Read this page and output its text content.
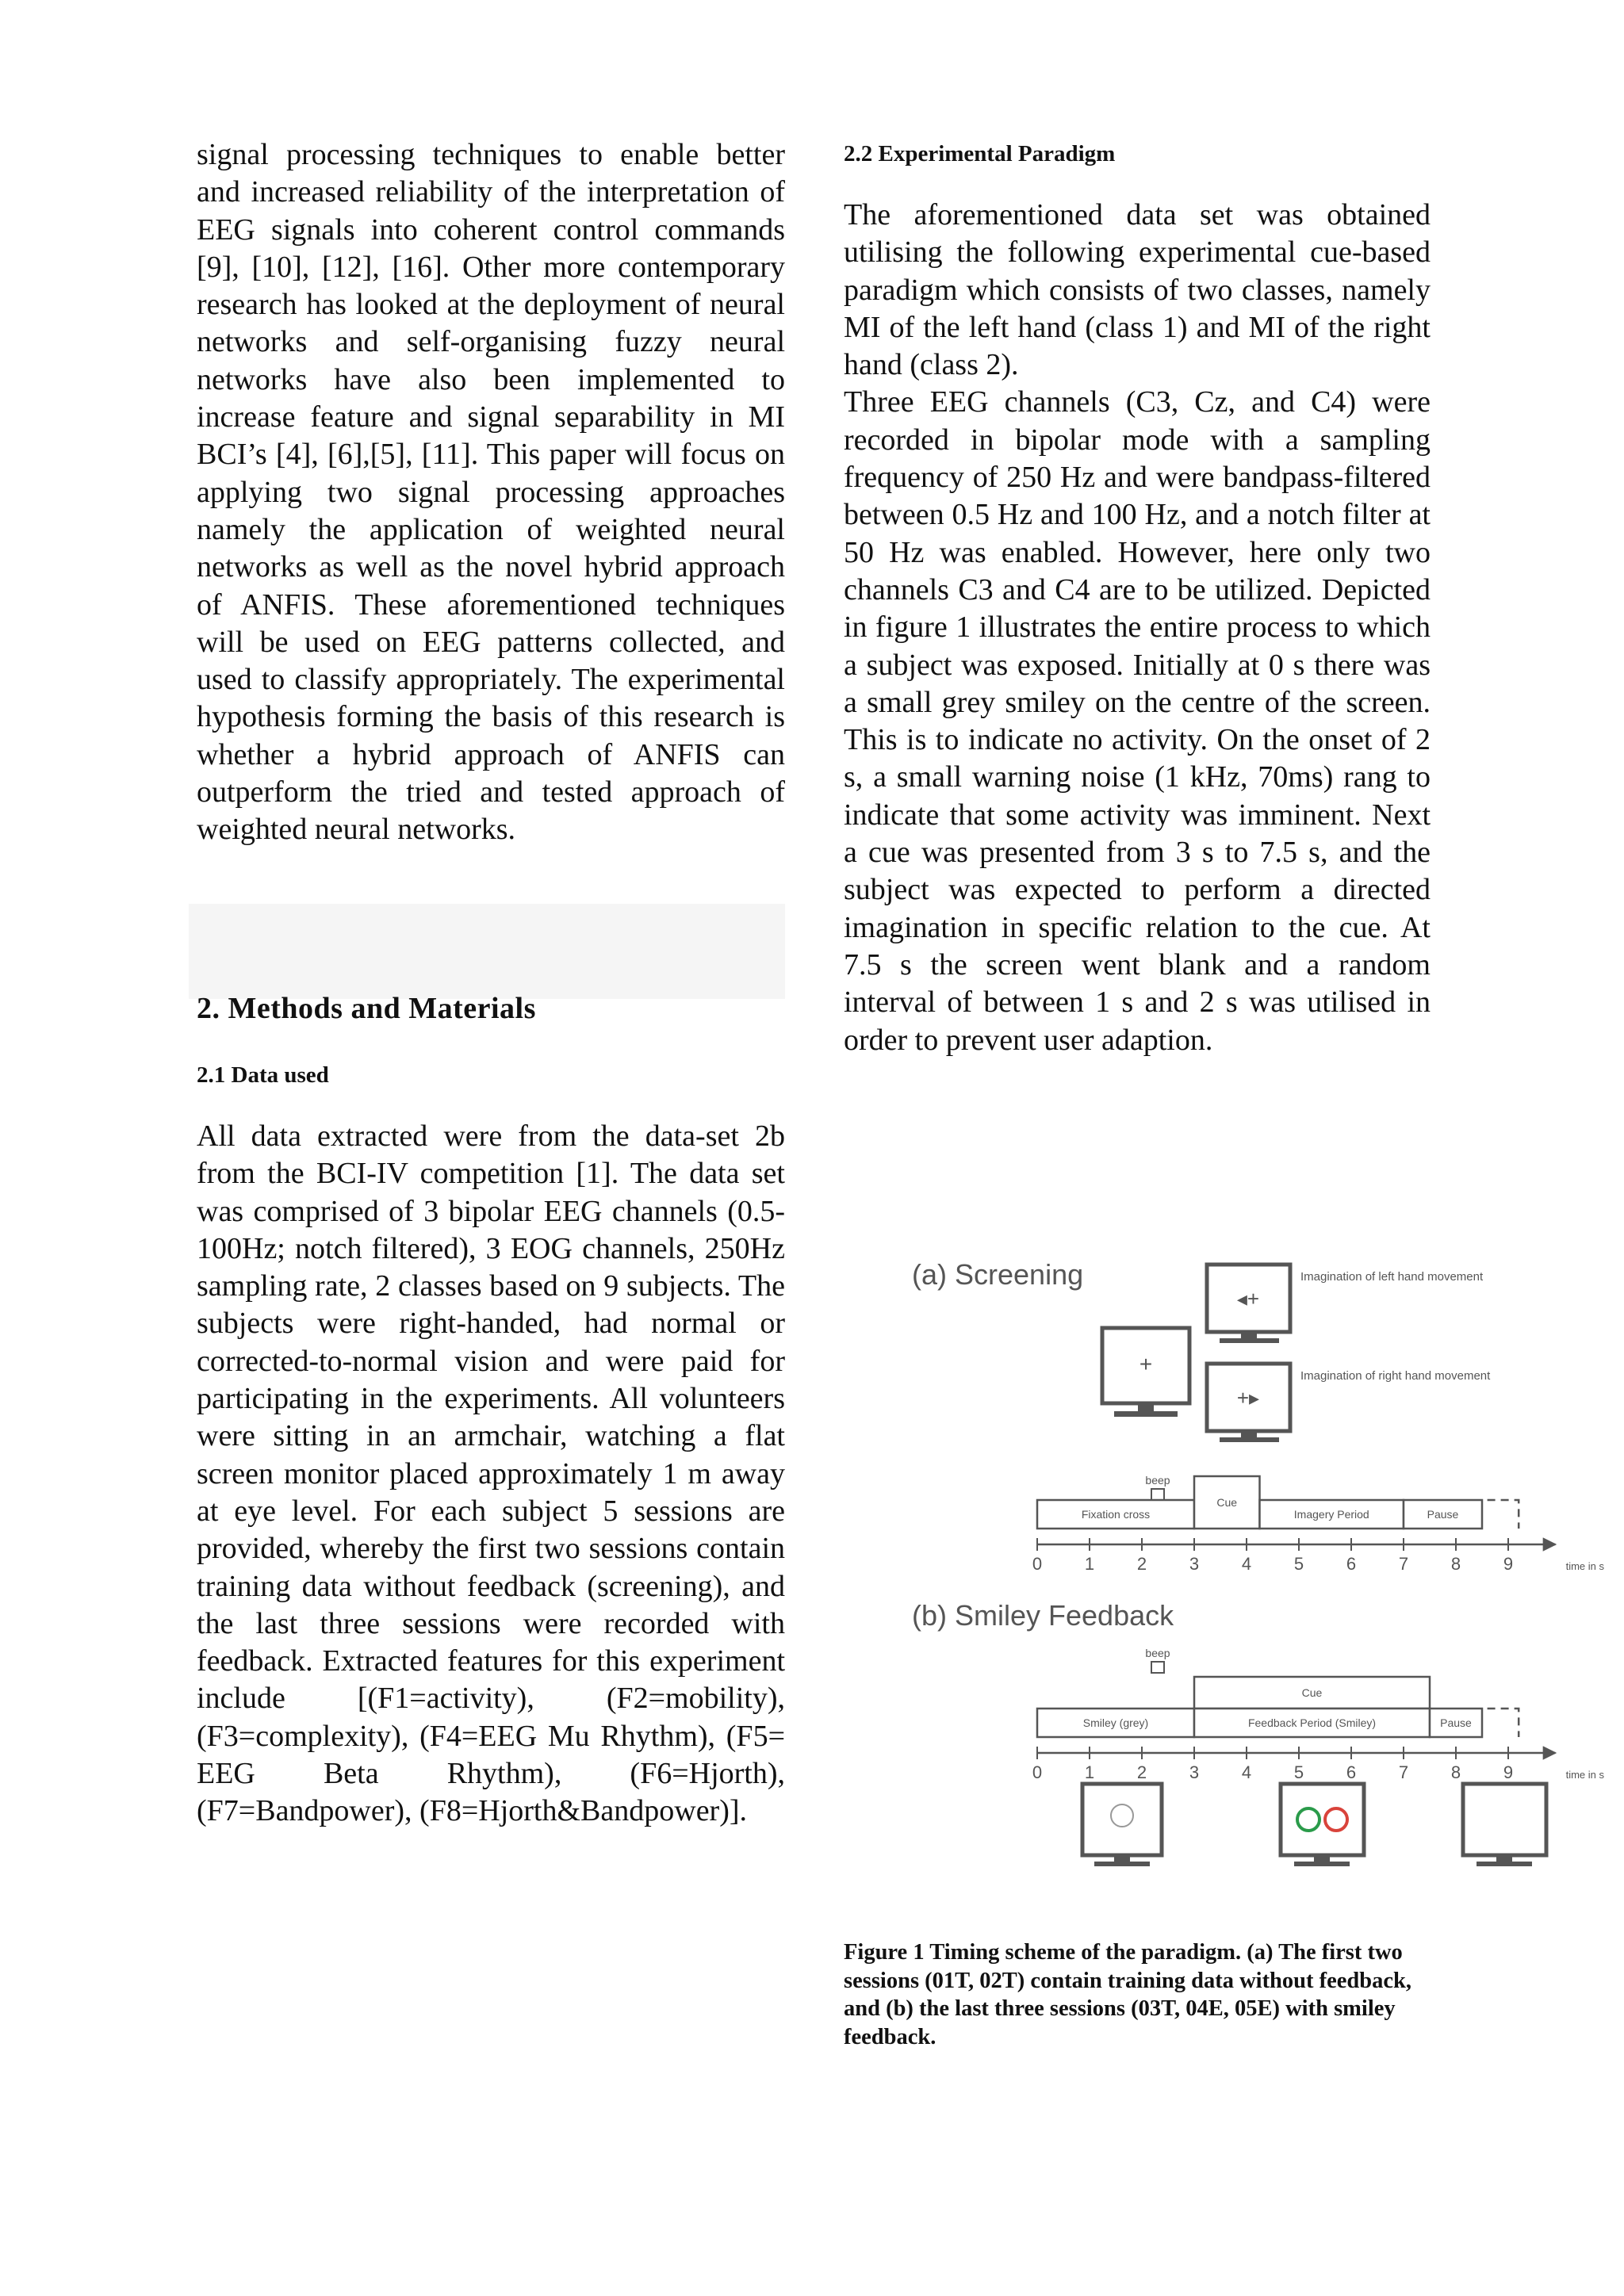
signal processing techniques to enable better and increased reliability of the interpretation of EEG signals into coherent control commands [9], [10], [12], [16]. Other more contemporary research has looked at the deployment of neural networks and self-organising fuzzy neural networks have also been implemented to increase feature and signal separability in MI BCI’s [4], [6],[5], [11]. This paper will focus on applying two signal processing approaches namely the application of weighted neural networks as well as the novel hybrid approach of ANFIS. These aforementioned techniques will be used on EEG patterns collected, and used to classify appropriately. The experimental hypothesis forming the basis of this research is whether a hybrid approach of ANFIS can outperform the tried and tested approach of weighted neural networks.

2. Methods and Materials
2.1 Data used

All data extracted were from the data-set 2b from the BCI-IV competition [1]. The data set was comprised of 3 bipolar EEG channels (0.5-100Hz; notch filtered), 3 EOG channels, 250Hz sampling rate, 2 classes based on 9 subjects. The subjects were right-handed, had normal or corrected-to-normal vision and were paid for participating in the experiments. All volunteers were sitting in an armchair, watching a flat screen monitor placed approximately 1 m away at eye level. For each subject 5 sessions are provided, whereby the first two sessions contain training data without feedback (screening), and the last three sessions were recorded with feedback. Extracted features for this experiment include [(F1=activity), (F2=mobility), (F3=complexity), (F4=EEG Mu Rhythm), (F5= EEG Beta Rhythm), (F6=Hjorth), (F7=Bandpower), (F8=Hjorth&Bandpower)].

2.2 Experimental Paradigm

The aforementioned data set was obtained utilising the following experimental cue-based paradigm which consists of two classes, namely MI of the left hand (class 1) and MI of the right hand (class 2).

Three EEG channels (C3, Cz, and C4) were recorded in bipolar mode with a sampling frequency of 250 Hz and were bandpass-filtered between 0.5 Hz and 100 Hz, and a notch filter at 50 Hz was enabled. However, here only two channels C3 and C4 are to be utilized. Depicted in figure 1 illustrates the entire process to which a subject was exposed. Initially at 0 s there was a small grey smiley on the centre of the screen. This is to indicate no activity. On the onset of 2 s, a small warning noise (1 kHz, 70ms) rang to indicate that some activity was imminent. Next a cue was presented from 3 s to 7.5 s, and the subject was expected to perform a directed imagination in specific relation to the cue. At 7.5 s the screen went blank and a random interval of between 1 s and 2 s was utilised in order to prevent user adaption.

(a) Screening
+
◂+
Imagination of left hand movement
+▸
Imagination of right hand movement
beep
Fixation cross
Cue
Imagery Period	Pause
0 1 2 3 4 5 6 7 8 9	time in s
(b) Smiley Feedback
beep
Cue
Smiley (grey)	Feedback Period (Smiley)	Pause
0 1 2 3 4 5 6 7 8 9	time in s

Figure 1 Timing scheme of the paradigm. (a) The first two sessions (01T, 02T) contain training data without feedback, and (b) the last three sessions (03T, 04E, 05E) with smiley feedback.
